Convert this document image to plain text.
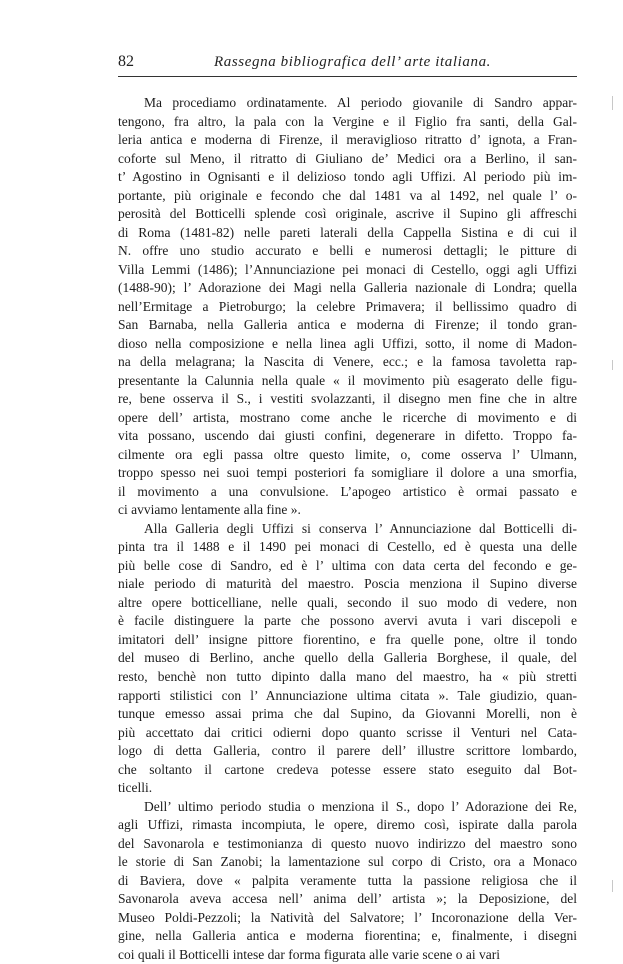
82	Rassegna bibliografica dell’ arte italiana.
Ma procediamo ordinatamente. Al periodo giovanile di Sandro appar-
tengono, fra altro, la pala con la Vergine e il Figlio fra santi, della Gal-
leria antica e moderna di Firenze, il meraviglioso ritratto d’ ignota, a Fran-
coforte sul Meno, il ritratto di Giuliano de’ Medici ora a Berlino, il san-
t’ Agostino in Ognisanti e il delizioso tondo agli Uffizi. Al periodo più im-
portante, più originale e fecondo che dal 1481 va al 1492, nel quale l’ o-
perosità del Botticelli splende così originale, ascrive il Supino gli affreschi
di Roma (1481-82) nelle pareti laterali della Cappella Sistina e di cui il
N. offre uno studio accurato e belli e numerosi dettagli; le pitture di
Villa Lemmi (1486); l’Annunciazione pei monaci di Cestello, oggi agli Uffizi
(1488-90); l’ Adorazione dei Magi nella Galleria nazionale di Londra; quella
nell’Ermitage a Pietroburgo; la celebre Primavera; il bellissimo quadro di
San Barnaba, nella Galleria antica e moderna di Firenze; il tondo gran-
dioso nella composizione e nella linea agli Uffizi, sotto, il nome di Madon-
na della melagrana; la Nascita di Venere, ecc.; e la famosa tavoletta rap-
presentante la Calunnia nella quale « il movimento più esagerato delle figu-
re, bene osserva il S., i vestiti svolazzanti, il disegno men fine che in altre
opere dell’ artista, mostrano come anche le ricerche di movimento e di
vita possano, uscendo dai giusti confini, degenerare in difetto. Troppo fa-
cilmente ora egli passa oltre questo limite, o, come osserva l’ Ulmann,
troppo spesso nei suoi tempi posteriori fa somigliare il dolore a una smorfia,
il movimento a una convulsione. L’apogeo artistico è ormai passato e
ci avviamo lentamente alla fine ».
Alla Galleria degli Uffizi si conserva l’ Annunciazione dal Botticelli di-
pinta tra il 1488 e il 1490 pei monaci di Cestello, ed è questa una delle
più belle cose di Sandro, ed è l’ ultima con data certa del fecondo e ge-
niale periodo di maturità del maestro. Poscia menziona il Supino diverse
altre opere botticelliane, nelle quali, secondo il suo modo di vedere, non
è facile distinguere la parte che possono avervi avuta i vari discepoli e
imitatori dell’ insigne pittore fiorentino, e fra quelle pone, oltre il tondo
del museo di Berlino, anche quello della Galleria Borghese, il quale, del
resto, benchè non tutto dipinto dalla mano del maestro, ha « più stretti
rapporti stilistici con l’ Annunciazione ultima citata ». Tale giudizio, quan-
tunque emesso assai prima che dal Supino, da Giovanni Morelli, non è
più accettato dai critici odierni dopo quanto scrisse il Venturi nel Cata-
logo di detta Galleria, contro il parere dell’ illustre scrittore lombardo,
che soltanto il cartone credeva potesse essere stato eseguito dal Bot-
ticelli.
Dell’ ultimo periodo studia o menziona il S., dopo l’ Adorazione dei Re,
agli Uffizi, rimasta incompiuta, le opere, diremo così, ispirate dalla parola
del Savonarola e testimonianza di questo nuovo indirizzo del maestro sono
le storie di San Zanobi; la lamentazione sul corpo di Cristo, ora a Monaco
di Baviera, dove « palpita veramente tutta la passione religiosa che il
Savonarola aveva accesa nell’ anima dell’ artista »; la Deposizione, del
Museo Poldi-Pezzoli; la Natività del Salvatore; l’ Incoronazione della Ver-
gine, nella Galleria antica e moderna fiorentina; e, finalmente, i disegni
coi quali il Botticelli intese dar forma figurata alle varie scene o ai vari
